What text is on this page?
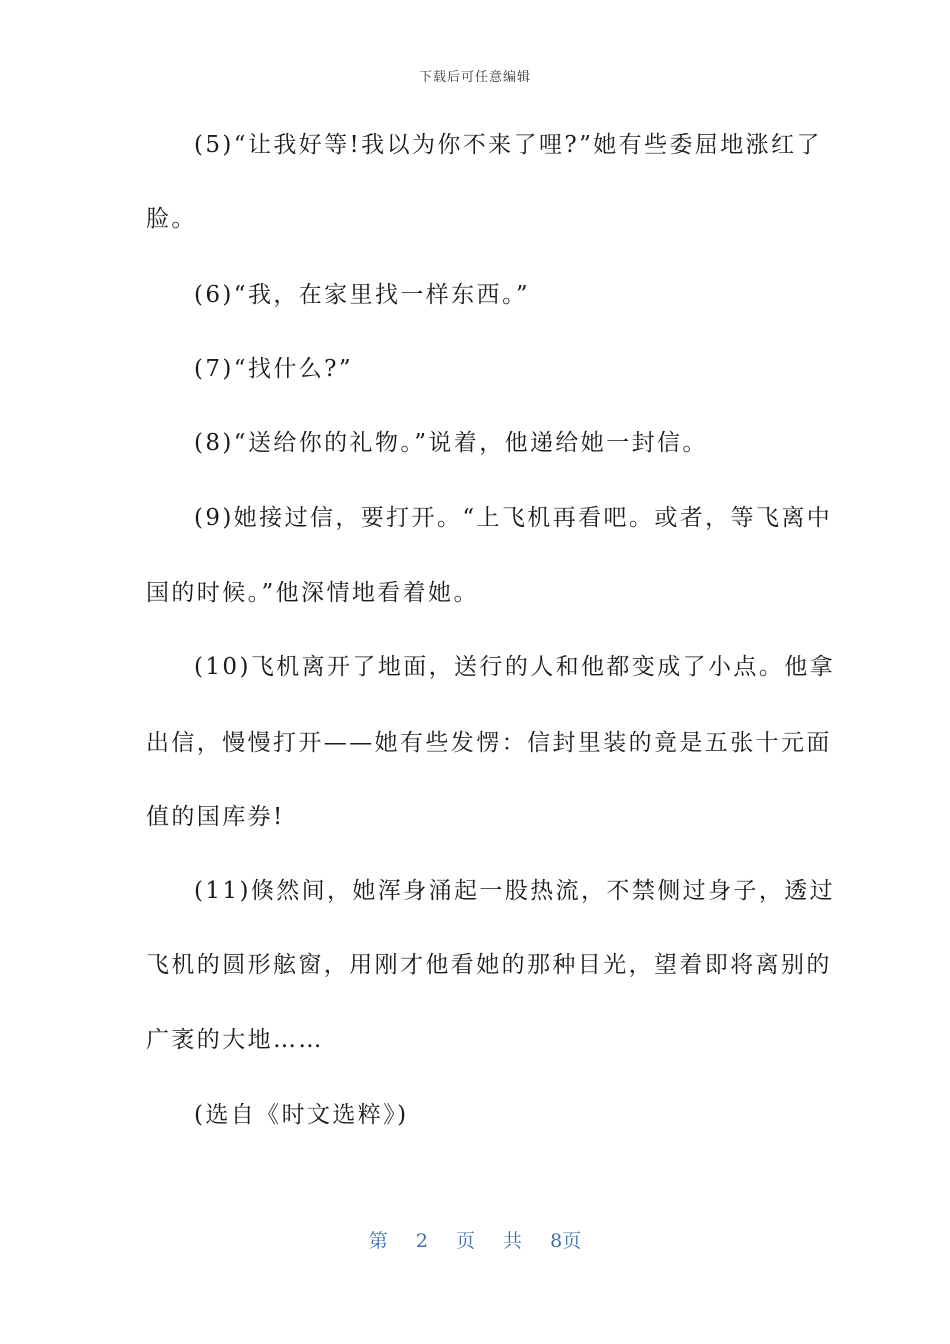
下载后可任意编辑
(5)“让我好等!我以为你不来了哩?”她有些委屈地涨红了
脸。
(6)“我，在家里找一样东西。”
(7)“找什么?”
(8)“送给你的礼物。”说着，他递给她一封信。
(9)她接过信，要打开。“上飞机再看吧。或者，等飞离中
国的时候。”他深情地看着她。
(10)飞机离开了地面，送行的人和他都变成了小点。他拿
出信，慢慢打开——她有些发愣：信封里装的竟是五张十元面
值的国库券!
(11)倏然间，她浑身涌起一股热流，不禁侧过身子，透过
飞机的圆形舷窗，用刚才他看她的那种目光，望着即将离别的
广袤的大地……
(选自《时文选粹》)
第 2 页 共 8页
